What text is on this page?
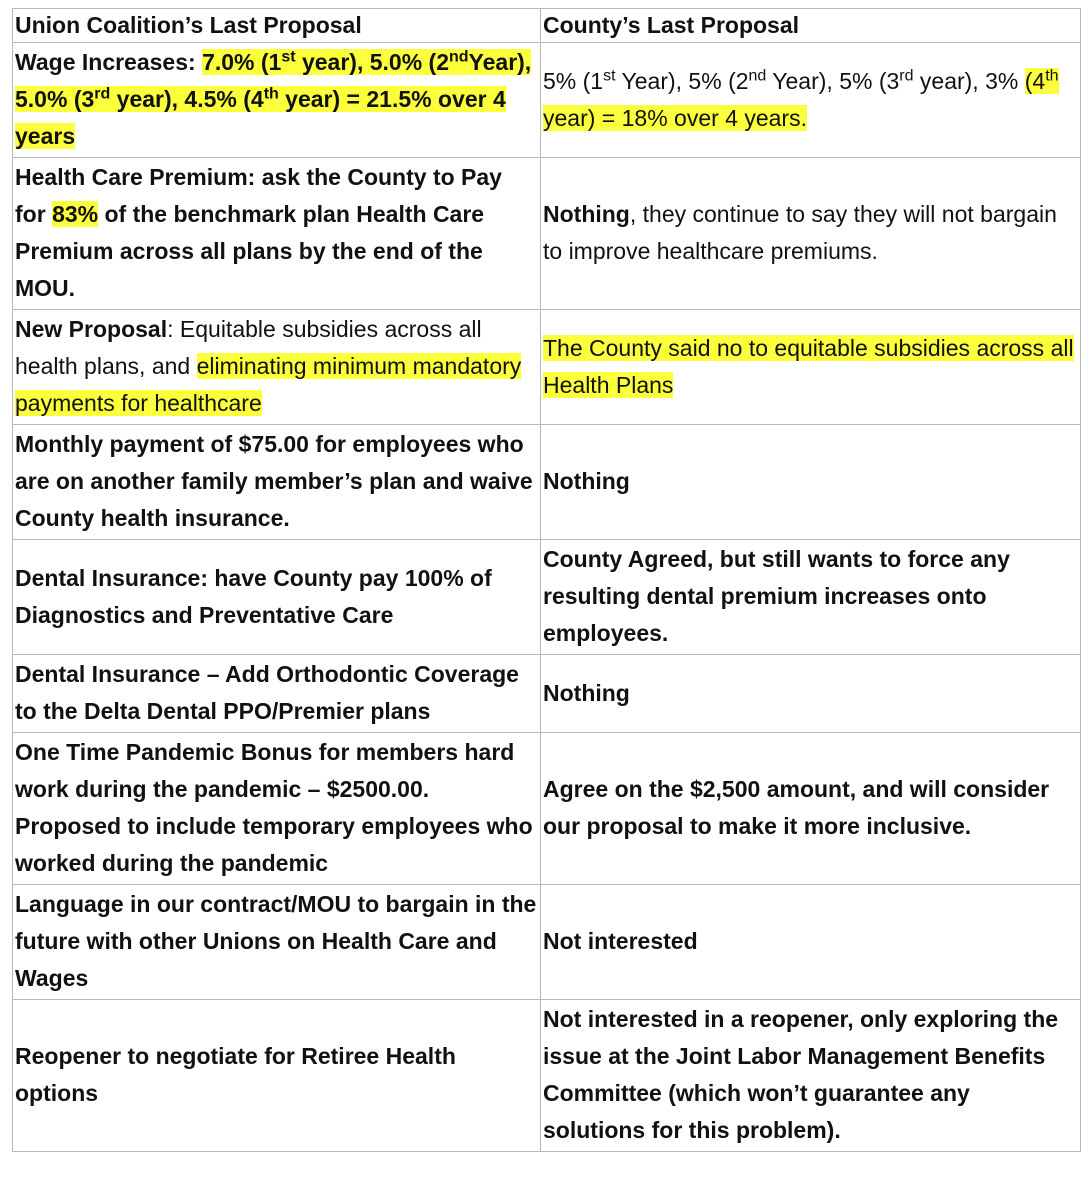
Union Coalition’s Last Proposal	County’s Last Proposal
Wage Increases: 7.0% (1st year), 5.0% (2ndYear), 5.0% (3rd year), 4.5% (4th year) = 21.5% over 4 years	5% (1st Year), 5% (2nd Year), 5% (3rd year), 3% (4th year) = 18% over 4 years.
Health Care Premium: ask the County to Pay for 83% of the benchmark plan Health Care Premium across all plans by the end of the MOU.	Nothing, they continue to say they will not bargain to improve healthcare premiums.
New Proposal: Equitable subsidies across all health plans, and eliminating minimum mandatory payments for healthcare	The County said no to equitable subsidies across all Health Plans
Monthly payment of $75.00 for employees who are on another family member’s plan and waive County health insurance.	Nothing
Dental Insurance: have County pay 100% of Diagnostics and Preventative Care	County Agreed, but still wants to force any resulting dental premium increases onto employees.
Dental Insurance – Add Orthodontic Coverage to the Delta Dental PPO/Premier plans	Nothing
One Time Pandemic Bonus for members hard work during the pandemic – $2500.00. Proposed to include temporary employees who worked during the pandemic	Agree on the $2,500 amount, and will consider our proposal to make it more inclusive.
Language in our contract/MOU to bargain in the future with other Unions on Health Care and Wages	Not interested
Reopener to negotiate for Retiree Health options	Not interested in a reopener, only exploring the issue at the Joint Labor Management Benefits Committee (which won’t guarantee any solutions for this problem).
